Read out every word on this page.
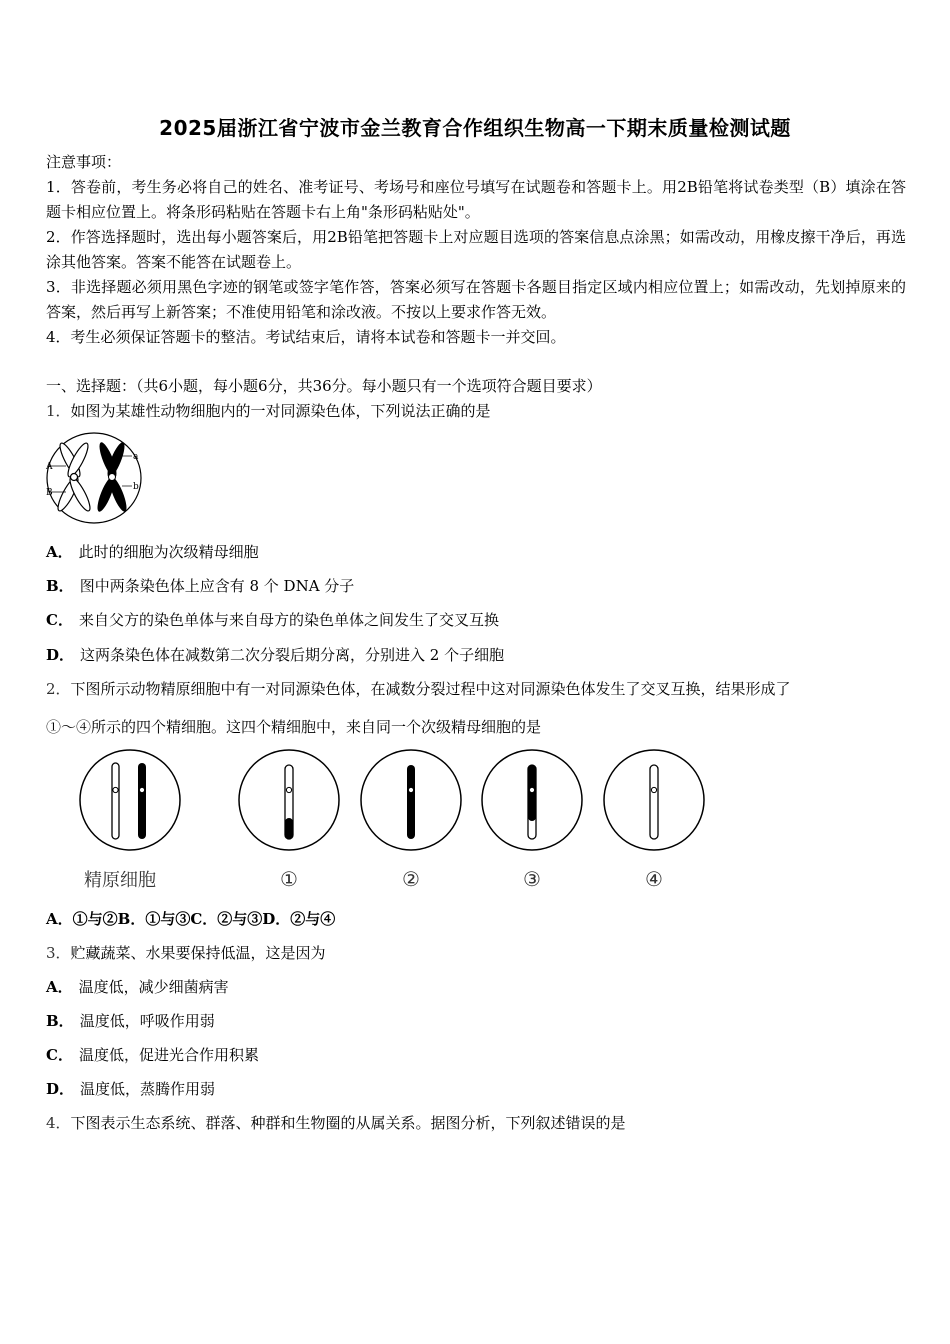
2025届浙江省宁波市金兰教育合作组织生物高一下期末质量检测试题
注意事项：
1．答卷前，考生务必将自己的姓名、准考证号、考场号和座位号填写在试题卷和答题卡上。用2B铅笔将试卷类型（B）填涂在答题卡相应位置上。将条形码粘贴在答题卡右上角"条形码粘贴处"。
2．作答选择题时，选出每小题答案后，用2B铅笔把答题卡上对应题目选项的答案信息点涂黑；如需改动，用橡皮擦干净后，再选涂其他答案。答案不能答在试题卷上。
3．非选择题必须用黑色字迹的钢笔或签字笔作答，答案必须写在答题卡各题目指定区域内相应位置上；如需改动，先划掉原来的答案，然后再写上新答案；不准使用铅笔和涂改液。不按以上要求作答无效。
4．考生必须保证答题卡的整洁。考试结束后，请将本试卷和答题卡一并交回。
一、选择题：（共6小题，每小题6分，共36分。每小题只有一个选项符合题目要求）
1．如图为某雄性动物细胞内的一对同源染色体，下列说法正确的是
A
B
a
b
A． 此时的细胞为次级精母细胞
B． 图中两条染色体上应含有 8 个 DNA 分子
C． 来自父方的染色单体与来自母方的染色单体之间发生了交叉互换
D． 这两条染色体在减数第二次分裂后期分离，分别进入 2 个子细胞
2．下图所示动物精原细胞中有一对同源染色体，在减数分裂过程中这对同源染色体发生了交叉互换，结果形成了
①～④所示的四个精细胞。这四个精细胞中，来自同一个次级精母细胞的是
精原细胞	①	②	③	④
A．①与②B．①与③C．②与③D．②与④
3．贮藏蔬菜、水果要保持低温，这是因为
A． 温度低，减少细菌病害
B． 温度低，呼吸作用弱
C． 温度低，促进光合作用积累
D． 温度低，蒸腾作用弱
4．下图表示生态系统、群落、种群和生物圈的从属关系。据图分析，下列叙述错误的是
